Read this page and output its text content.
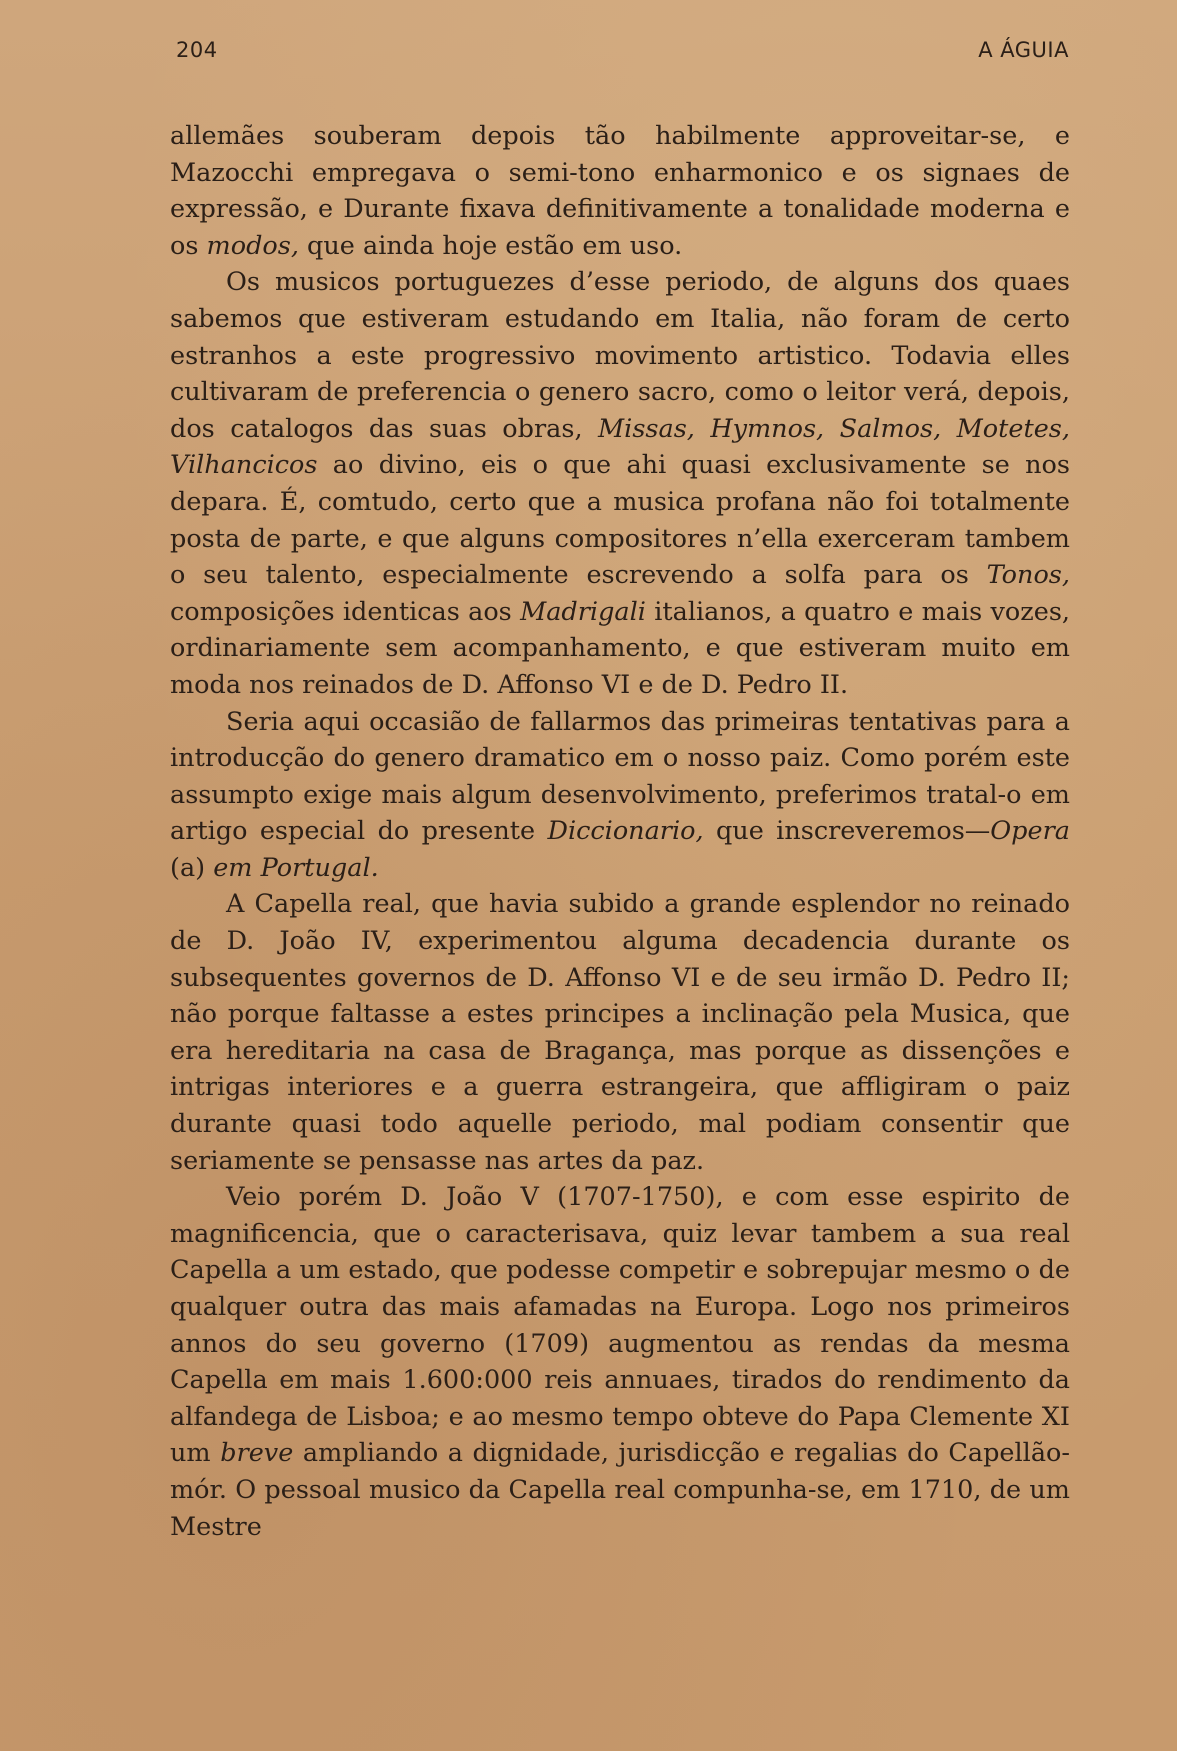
204	A ÁGUIA

allemães souberam depois tão habilmente approveitar-se, e Mazocchi empregava o semi-tono enharmonico e os signaes de expressão, e Durante fixava definitivamente a tonalidade moderna e os modos, que ainda hoje estão em uso.

Os musicos portuguezes d’esse periodo, de alguns dos quaes sabemos que estiveram estudando em Italia, não foram de certo estranhos a este progressivo movimento artistico. Todavia elles cultivaram de preferencia o genero sacro, como o leitor verá, depois, dos catalogos das suas obras, Missas, Hymnos, Salmos, Motetes, Vilhancicos ao divino, eis o que ahi quasi exclusivamente se nos depara. É, comtudo, certo que a musica profana não foi totalmente posta de parte, e que alguns compositores n’ella exerceram tambem o seu talento, especialmente escrevendo a solfa para os Tonos, composições identicas aos Madrigali italianos, a quatro e mais vozes, ordinariamente sem acompanhamento, e que estiveram muito em moda nos reinados de D. Affonso VI e de D. Pedro II.

Seria aqui occasião de fallarmos das primeiras tentativas para a introducção do genero dramatico em o nosso paiz. Como porém este assumpto exige mais algum desenvolvimento, preferimos tratal-o em artigo especial do presente Diccionario, que inscreveremos—Opera (a) em Portugal.

A Capella real, que havia subido a grande esplendor no reinado de D. João IV, experimentou alguma decadencia durante os subsequentes governos de D. Affonso VI e de seu irmão D. Pedro II; não porque faltasse a estes principes a inclinação pela Musica, que era hereditaria na casa de Bragança, mas porque as dissenções e intrigas interiores e a guerra estrangeira, que affligiram o paiz durante quasi todo aquelle periodo, mal podiam consentir que seriamente se pensasse nas artes da paz.

Veio porém D. João V (1707-1750), e com esse espirito de magnificencia, que o caracterisava, quiz levar tambem a sua real Capella a um estado, que podesse competir e sobrepujar mesmo o de qualquer outra das mais afamadas na Europa. Logo nos primeiros annos do seu governo (1709) augmentou as rendas da mesma Capella em mais 1.600:000 reis annuaes, tirados do rendimento da alfandega de Lisboa; e ao mesmo tempo obteve do Papa Clemente XI um breve ampliando a dignidade, jurisdicção e regalias do Capellão-mór. O pessoal musico da Capella real compunha-se, em 1710, de um Mestre
